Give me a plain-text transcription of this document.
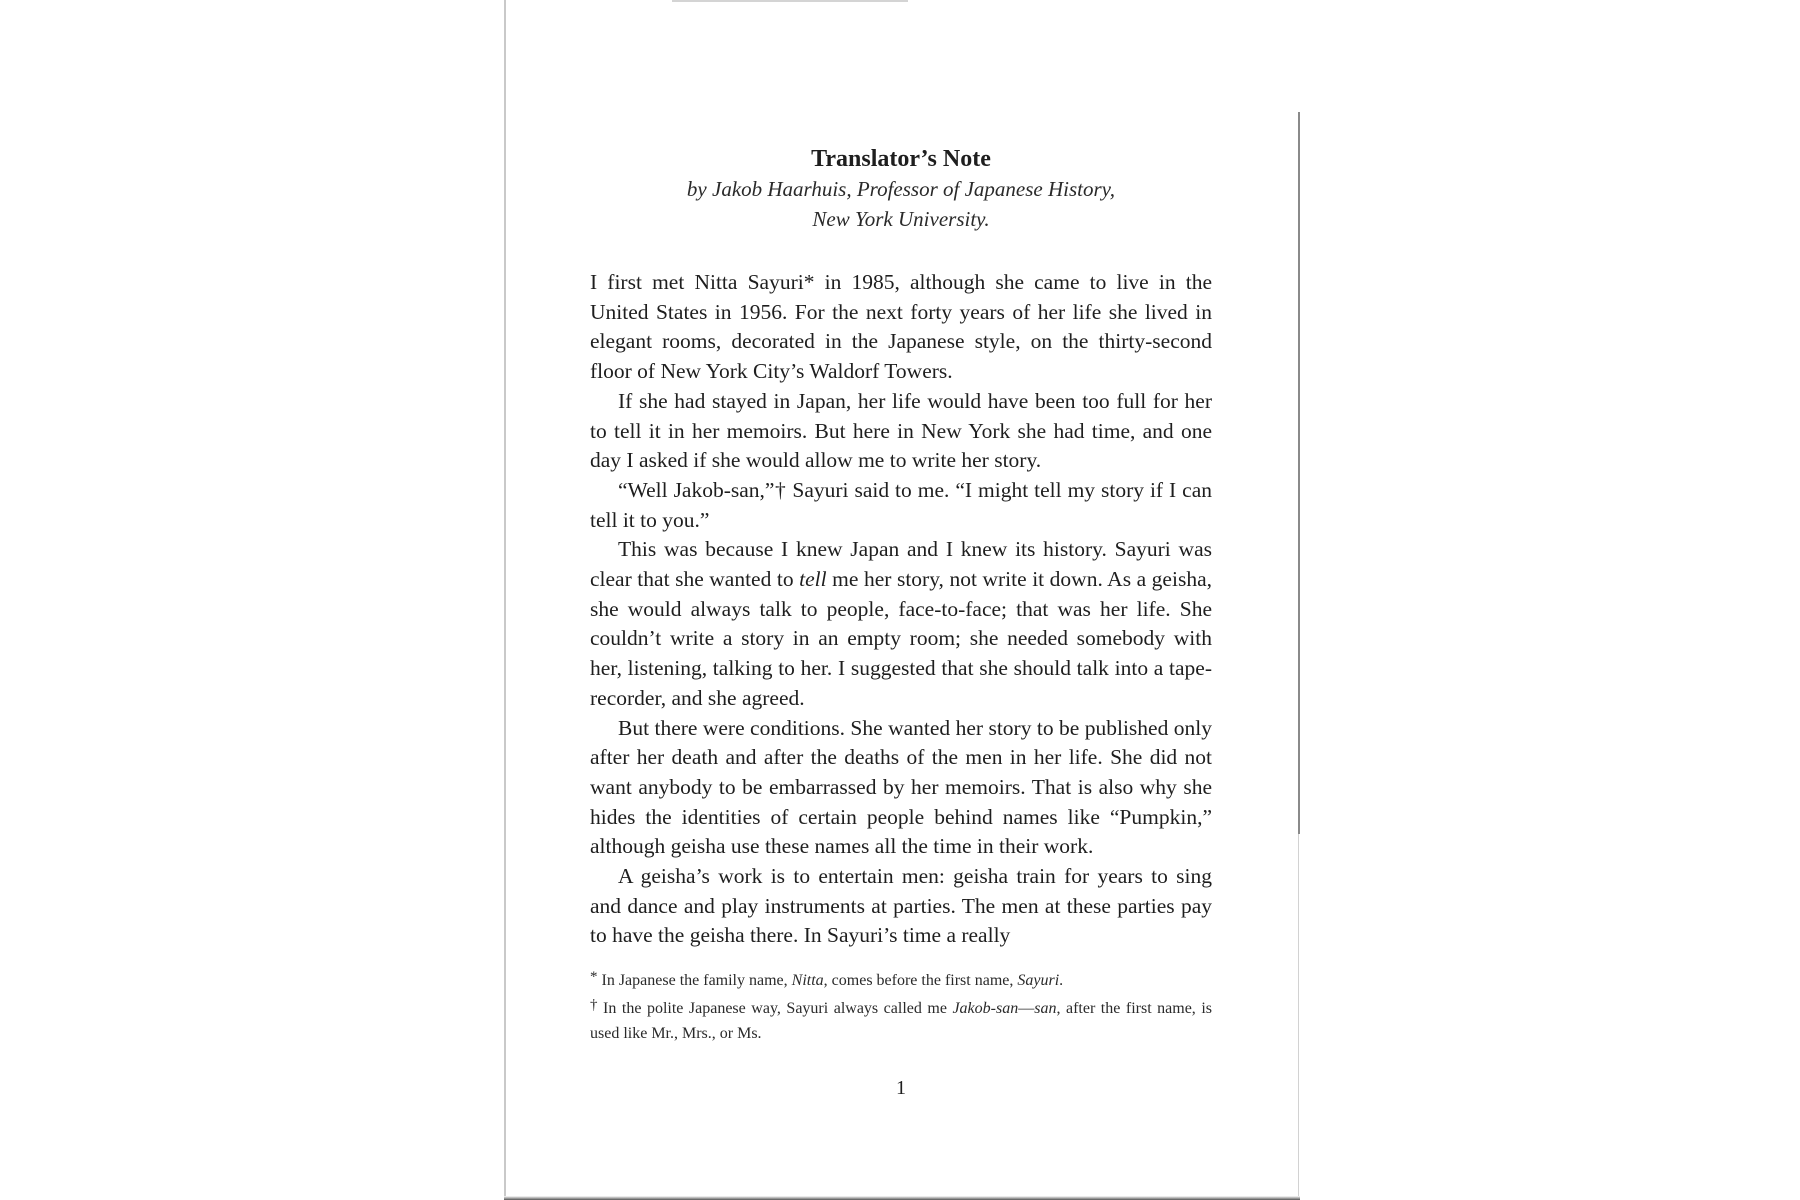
Translator’s Note

by Jakob Haarhuis, Professor of Japanese History,

New York University.

I first met Nitta Sayuri* in 1985, although she came to live in the United States in 1956. For the next forty years of her life she lived in elegant rooms, decorated in the Japanese style, on the thirty-second floor of New York City’s Waldorf Towers.

If she had stayed in Japan, her life would have been too full for her to tell it in her memoirs. But here in New York she had time, and one day I asked if she would allow me to write her story.

“Well Jakob-san,”† Sayuri said to me. “I might tell my story if I can tell it to you.”

This was because I knew Japan and I knew its history. Sayuri was clear that she wanted to tell me her story, not write it down. As a geisha, she would always talk to people, face-to-face; that was her life. She couldn’t write a story in an empty room; she needed somebody with her, listening, talking to her. I suggested that she should talk into a tape-recorder, and she agreed.

But there were conditions. She wanted her story to be published only after her death and after the deaths of the men in her life. She did not want anybody to be embarrassed by her memoirs. That is also why she hides the identities of certain people behind names like “Pumpkin,” although geisha use these names all the time in their work.

A geisha’s work is to entertain men: geisha train for years to sing and dance and play instruments at parties. The men at these parties pay to have the geisha there. In Sayuri’s time a really

* In Japanese the family name, Nitta, comes before the first name, Sayuri.

† In the polite Japanese way, Sayuri always called me Jakob-san—san, after the first name, is used like Mr., Mrs., or Ms.

1
